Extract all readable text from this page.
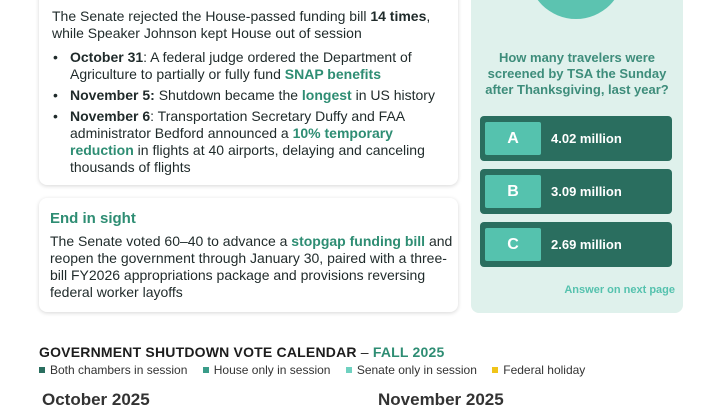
The Senate rejected the House-passed funding bill 14 times, while Speaker Johnson kept House out of session
• October 31: A federal judge ordered the Department of Agriculture to partially or fully fund SNAP benefits
• November 5: Shutdown became the longest in US history
• November 6: Transportation Secretary Duffy and FAA administrator Bedford announced a 10% temporary reduction in flights at 40 airports, delaying and canceling thousands of flights
End in sight
The Senate voted 60–40 to advance a stopgap funding bill and reopen the government through January 30, paired with a three-bill FY2026 appropriations package and provisions reversing federal worker layoffs
How many travelers were screened by TSA the Sunday after Thanksgiving, last year?
A	4.02 million
B	3.09 million
C	2.69 million
Answer on next page
GOVERNMENT SHUTDOWN VOTE CALENDAR – FALL 2025
Both chambers in session House only in session Senate only in session Federal holiday
October 2025	November 2025
